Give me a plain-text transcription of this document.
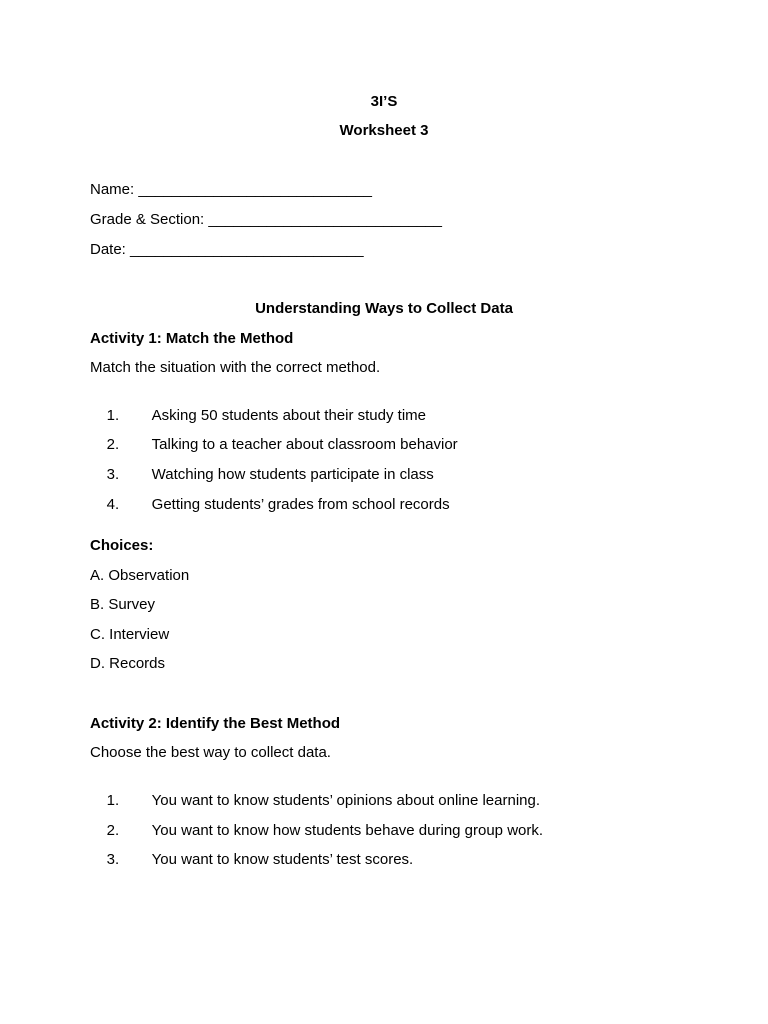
3I’S
Worksheet 3
Name: ____________________________
Grade & Section: ____________________________
Date: ____________________________
Understanding Ways to Collect Data
Activity 1: Match the Method
Match the situation with the correct method.

1. Asking 50 students about their study time

2. Talking to a teacher about classroom behavior

3. Watching how students participate in class

4. Getting students’ grades from school records

Choices:
A. Observation
B. Survey
C. Interview
D. Records
Activity 2: Identify the Best Method
Choose the best way to collect data.

1. You want to know students’ opinions about online learning.

2. You want to know how students behave during group work.

3. You want to know students’ test scores.
